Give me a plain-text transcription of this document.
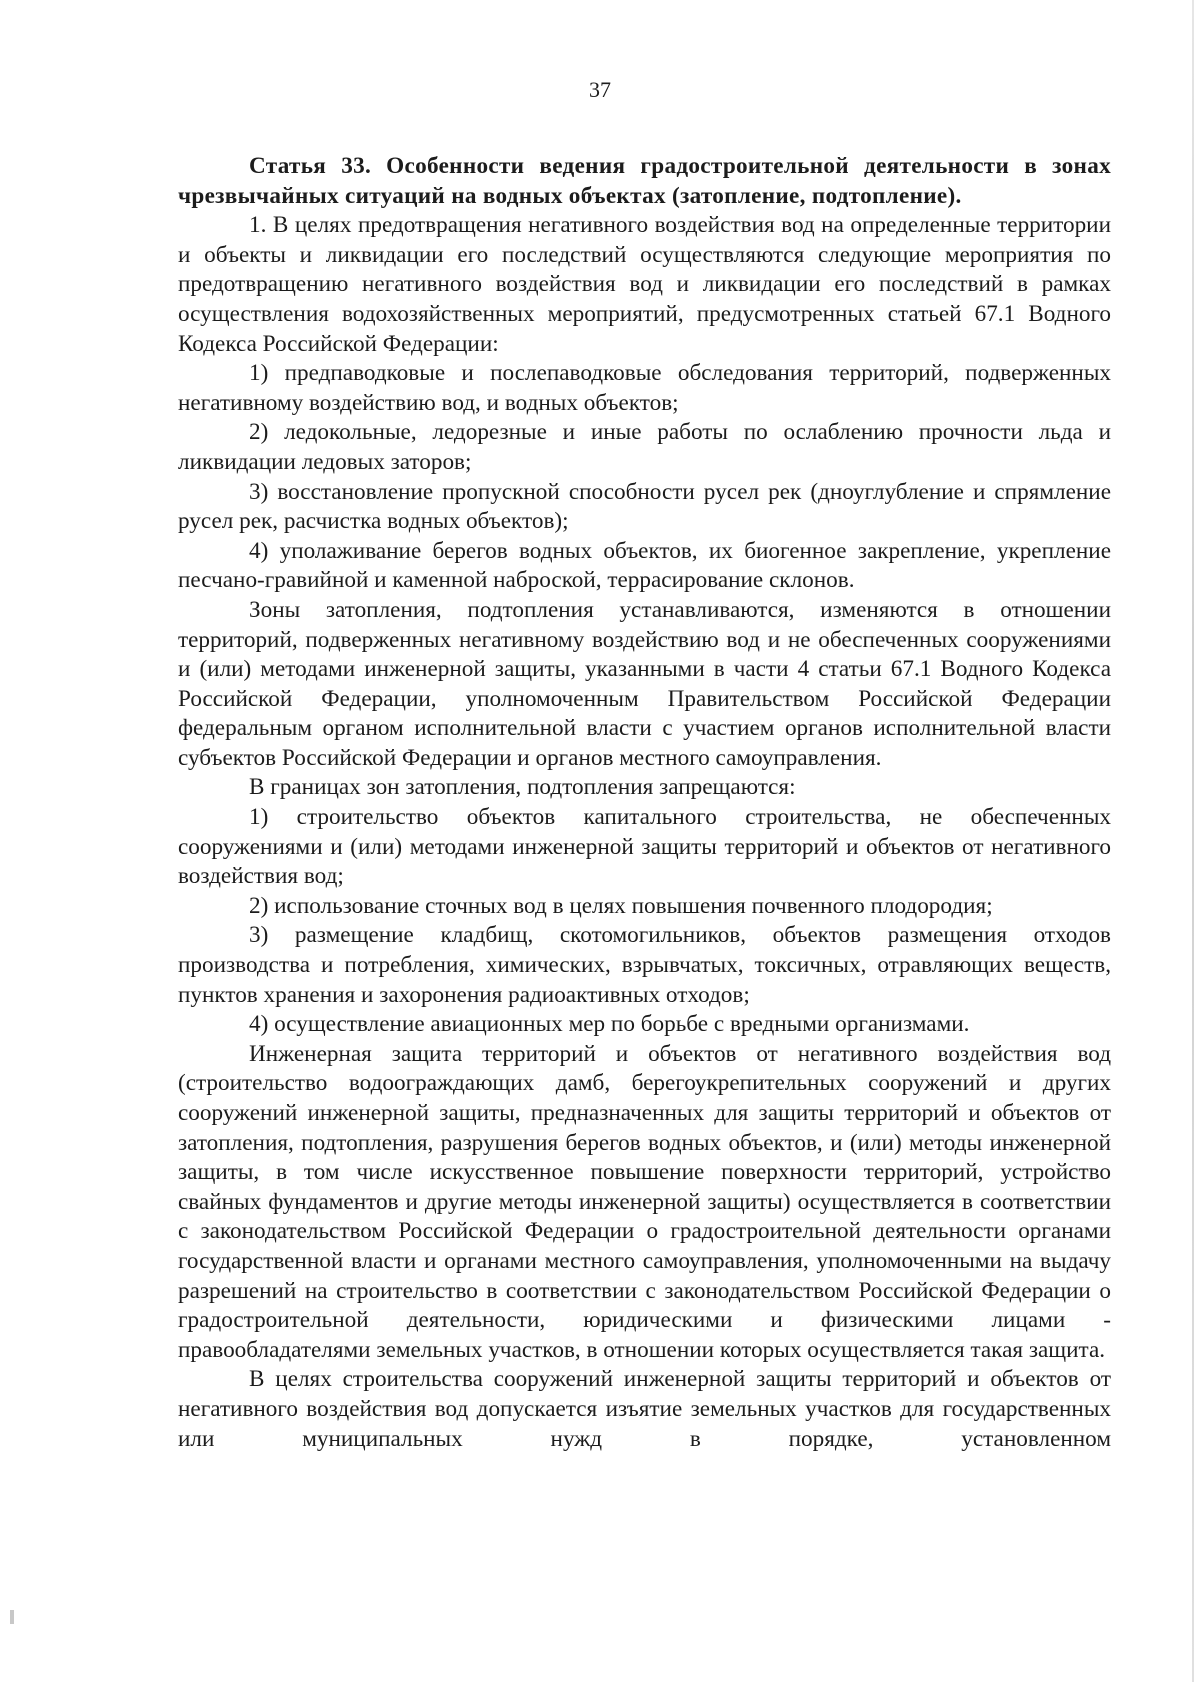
37
Статья 33. Особенности ведения градостроительной деятельности в зонах чрезвычайных ситуаций на водных объектах (затопление, подтопление).

1. В целях предотвращения негативного воздействия вод на определенные территории и объекты и ликвидации его последствий осуществляются следующие мероприятия по предотвращению негативного воздействия вод и ликвидации его последствий в рамках осуществления водохозяйственных мероприятий, предусмотренных статьей 67.1 Водного Кодекса Российской Федерации:

1) предпаводковые и послепаводковые обследования территорий, подверженных негативному воздействию вод, и водных объектов;

2) ледокольные, ледорезные и иные работы по ослаблению прочности льда и ликвидации ледовых заторов;

3) восстановление пропускной способности русел рек (дноуглубление и спрямление русел рек, расчистка водных объектов);

4) уполаживание берегов водных объектов, их биогенное закрепление, укрепление песчано-гравийной и каменной наброской, террасирование склонов.

Зоны затопления, подтопления устанавливаются, изменяются в отношении территорий, подверженных негативному воздействию вод и не обеспеченных сооружениями и (или) методами инженерной защиты, указанными в части 4 статьи 67.1 Водного Кодекса Российской Федерации, уполномоченным Правительством Российской Федерации федеральным органом исполнительной власти с участием органов исполнительной власти субъектов Российской Федерации и органов местного самоуправления.

В границах зон затопления, подтопления запрещаются:

1) строительство объектов капитального строительства, не обеспеченных сооружениями и (или) методами инженерной защиты территорий и объектов от негативного воздействия вод;

2) использование сточных вод в целях повышения почвенного плодородия;

3) размещение кладбищ, скотомогильников, объектов размещения отходов производства и потребления, химических, взрывчатых, токсичных, отравляющих веществ, пунктов хранения и захоронения радиоактивных отходов;

4) осуществление авиационных мер по борьбе с вредными организмами.

Инженерная защита территорий и объектов от негативного воздействия вод (строительство водоограждающих дамб, берегоукрепительных сооружений и других сооружений инженерной защиты, предназначенных для защиты территорий и объектов от затопления, подтопления, разрушения берегов водных объектов, и (или) методы инженерной защиты, в том числе искусственное повышение поверхности территорий, устройство свайных фундаментов и другие методы инженерной защиты) осуществляется в соответствии с законодательством Российской Федерации о градостроительной деятельности органами государственной власти и органами местного самоуправления, уполномоченными на выдачу разрешений на строительство в соответствии с законодательством Российской Федерации о градостроительной деятельности, юридическими и физическими лицами - правообладателями земельных участков, в отношении которых осуществляется такая защита.

В целях строительства сооружений инженерной защиты территорий и объектов от негативного воздействия вод допускается изъятие земельных участков для государственных или муниципальных нужд в порядке, установленном
